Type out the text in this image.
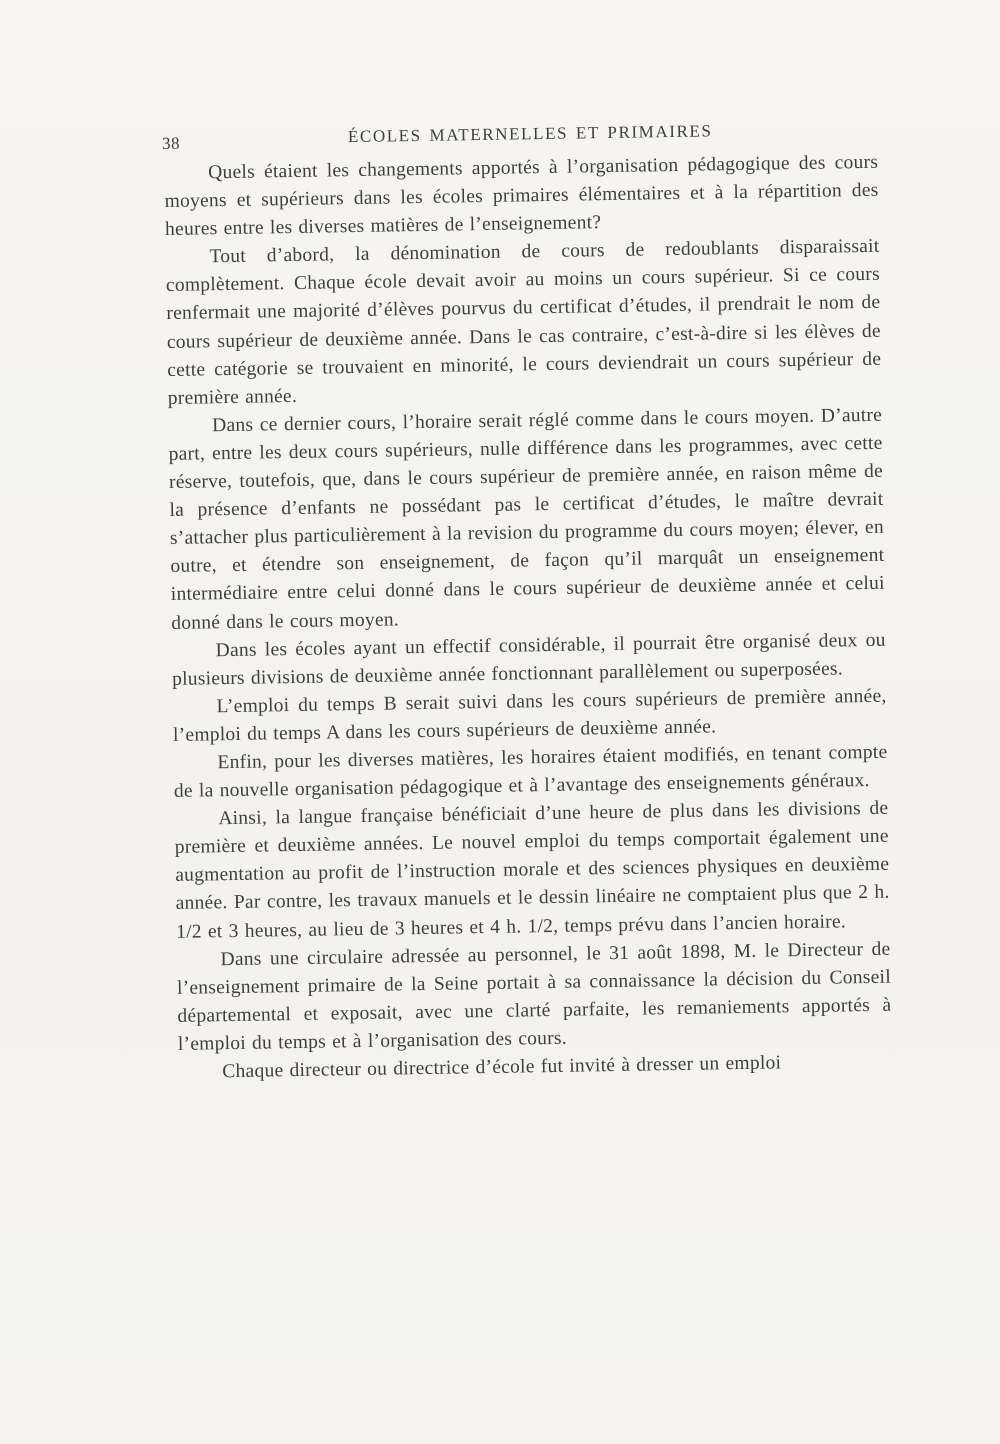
38	ÉCOLES MATERNELLES ET PRIMAIRES

Quels étaient les changements apportés à l’organisation pédagogique des cours moyens et supérieurs dans les écoles primaires élémentaires et à la répartition des heures entre les diverses matières de l’enseignement?

Tout d’abord, la dénomination de cours de redoublants disparaissait complètement. Chaque école devait avoir au moins un cours supérieur. Si ce cours renfermait une majorité d’élèves pourvus du certificat d’études, il prendrait le nom de cours supérieur de deuxième année. Dans le cas contraire, c’est-à-dire si les élèves de cette catégorie se trouvaient en minorité, le cours deviendrait un cours supérieur de première année.

Dans ce dernier cours, l’horaire serait réglé comme dans le cours moyen. D’autre part, entre les deux cours supérieurs, nulle différence dans les programmes, avec cette réserve, toutefois, que, dans le cours supérieur de première année, en raison même de la présence d’enfants ne possédant pas le certificat d’études, le maître devrait s’attacher plus particulièrement à la revision du programme du cours moyen; élever, en outre, et étendre son enseignement, de façon qu’il marquât un enseignement intermédiaire entre celui donné dans le cours supérieur de deuxième année et celui donné dans le cours moyen.

Dans les écoles ayant un effectif considérable, il pourrait être organisé deux ou plusieurs divisions de deuxième année fonctionnant parallèlement ou superposées.

L’emploi du temps B serait suivi dans les cours supérieurs de première année, l’emploi du temps A dans les cours supérieurs de deuxième année.

Enfin, pour les diverses matières, les horaires étaient modifiés, en tenant compte de la nouvelle organisation pédagogique et à l’avantage des enseignements généraux.

Ainsi, la langue française bénéficiait d’une heure de plus dans les divisions de première et deuxième années. Le nouvel emploi du temps comportait également une augmentation au profit de l’instruction morale et des sciences physiques en deuxième année. Par contre, les travaux manuels et le dessin linéaire ne comptaient plus que 2 h. 1/2 et 3 heures, au lieu de 3 heures et 4 h. 1/2, temps prévu dans l’ancien horaire.

Dans une circulaire adressée au personnel, le 31 août 1898, M. le Directeur de l’enseignement primaire de la Seine portait à sa connaissance la décision du Conseil départemental et exposait, avec une clarté parfaite, les remaniements apportés à l’emploi du temps et à l’organisation des cours.

Chaque directeur ou directrice d’école fut invité à dresser un emploi
